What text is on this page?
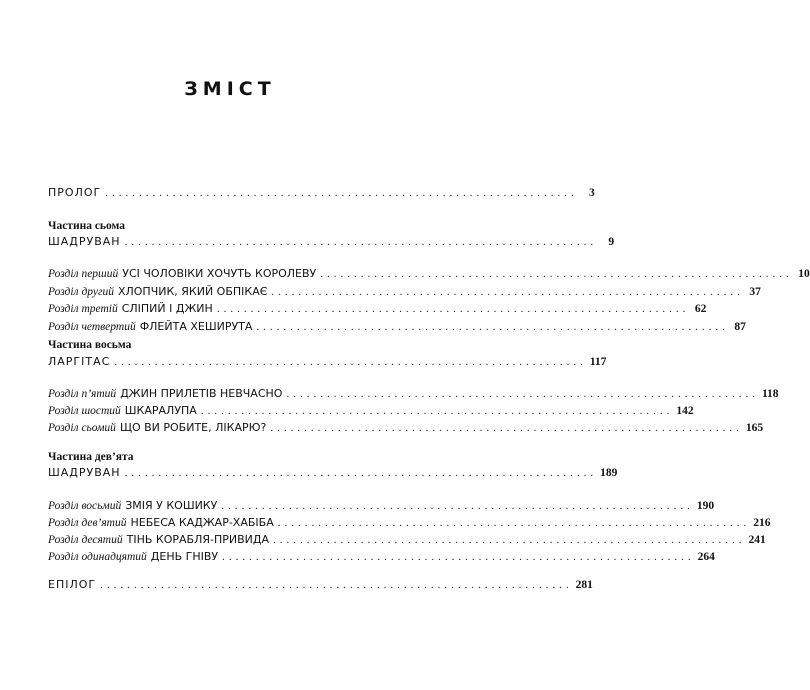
ЗМІСТ
ПРОЛОГ ...................................................................... 3
Частина сьома
ШАДРУВАН ...................................................................... 9
Розділ перший УСІ ЧОЛОВІКИ ХОЧУТЬ КОРОЛЕВУ ...................................................................... 10
Розділ другий ХЛОПЧИК, ЯКИЙ ОБПІКАЄ ...................................................................... 37
Розділ третій СЛІПИЙ І ДЖИН ...................................................................... 62
Розділ четвертий ФЛЕЙТА ХЕШИРУТА ...................................................................... 87
Частина восьма
ЛАРГІТАС ...................................................................... 117
Розділ п’ятий ДЖИН ПРИЛЕТІВ НЕВЧАСНО ...................................................................... 118
Розділ шостий ШКАРАЛУПА ...................................................................... 142
Розділ сьомий ЩО ВИ РОБИТЕ, ЛІКАРЮ? ...................................................................... 165
Частина дев’ята
ШАДРУВАН ...................................................................... 189
Розділ восьмий ЗМІЯ У КОШИКУ ...................................................................... 190
Розділ дев’ятий НЕБЕСА КАДЖАР-ХАБІБА ...................................................................... 216
Розділ десятий ТІНЬ КОРАБЛЯ-ПРИВИДА ...................................................................... 241
Розділ одинадцятий ДЕНЬ ГНІВУ ...................................................................... 264
ЕПІЛОГ ...................................................................... 281
